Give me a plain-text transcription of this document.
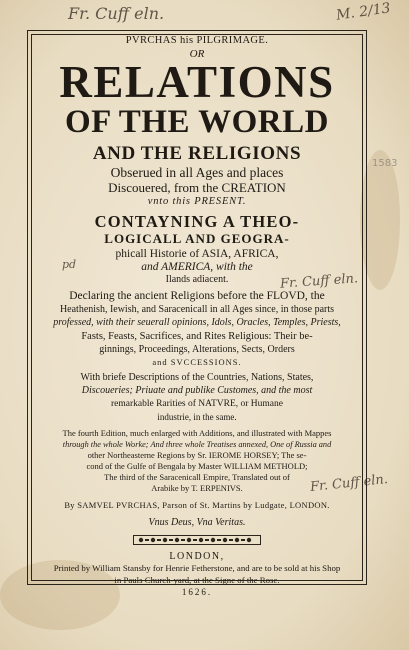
Fr. Cuff eln.	M. 2/13
1583
pd
Fr. Cuff eln.
Fr. Cuff eln.
PVRCHAS his PILGRIMAGE.
OR
RELATIONS
OF THE WORLD
AND THE RELIGIONS
Obserued in all Ages and places
Discouered, from the CREATION
vnto this PRESENT.
CONTAYNING A THEO-
LOGICALL AND GEOGRA-
phicall Historie of ASIA, AFRICA,
and AMERICA, with the
Ilands adiacent.
Declaring the ancient Religions before the FLOVD, the
Heathenish, Iewish, and Saracenicall in all Ages since, in those parts
professed, with their seuerall opinions, Idols, Oracles, Temples, Priests,
Fasts, Feasts, Sacrifices, and Rites Religious: Their be-
ginnings, Proceedings, Alterations, Sects, Orders
and SVCCESSIONS.
With briefe Descriptions of the Countries, Nations, States,
Discoueries; Priuate and publike Customes, and the most
remarkable Rarities of NATVRE, or Humane
industrie, in the same.
The fourth Edition, much enlarged with Additions, and illustrated with Mappes
through the whole Worke; And three whole Treatises annexed, One of Russia and
other Northeasterne Regions by Sr. IEROME HORSEY; The se-
cond of the Gulfe of Bengala by Master WILLIAM METHOLD;
The third of the Saracenicall Empire, Translated out of
Arabike by T. ERPENIVS.
By SAMVEL PVRCHAS, Parson of St. Martins by Ludgate, LONDON.
Vnus Deus, Vna Veritas.
LONDON,
Printed by William Stansby for Henrie Fetherstone, and are to be sold at his Shop
in Pauls Church-yard, at the Signe of the Rose.
1626.
